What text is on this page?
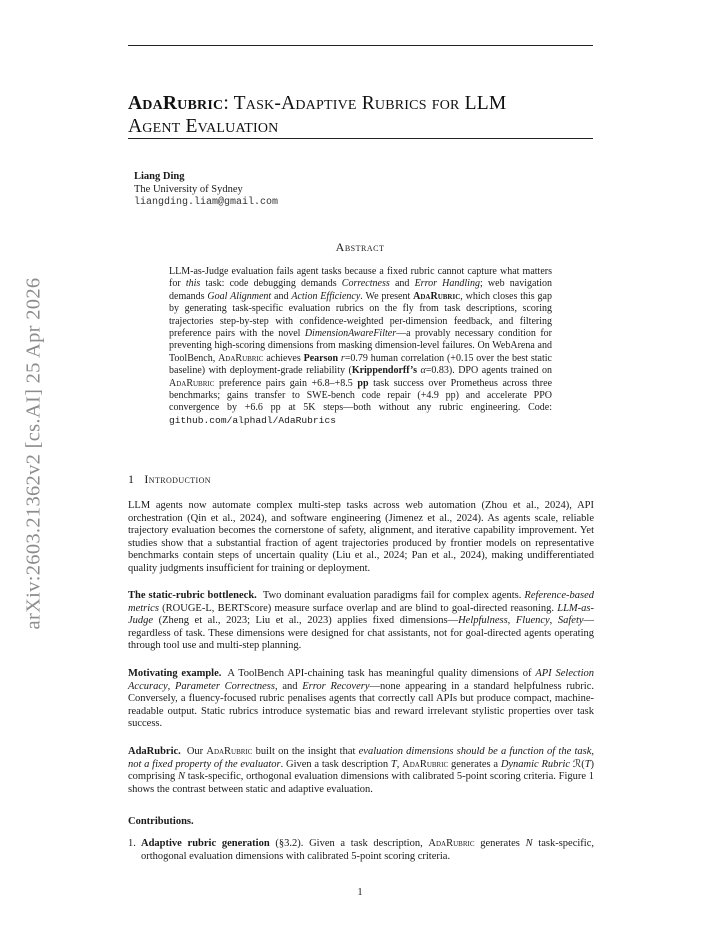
arXiv:2603.21362v2 [cs.AI] 25 Apr 2026
AdaRubric: Task-Adaptive Rubrics for LLM
Agent Evaluation
Liang Ding
The University of Sydney
liangding.liam@gmail.com
Abstract
LLM-as-Judge evaluation fails agent tasks because a fixed rubric cannot capture what matters for this task: code debugging demands Correctness and Error Handling; web navigation demands Goal Alignment and Action Efficiency. We present AdaRubric, which closes this gap by generating task-specific evaluation rubrics on the fly from task descriptions, scoring trajectories step-by-step with confidence-weighted per-dimension feedback, and filtering preference pairs with the novel DimensionAwareFilter—a provably necessary condition for preventing high-scoring dimensions from masking dimension-level failures. On WebArena and ToolBench, AdaRubric achieves Pearson r=0.79 human correlation (+0.15 over the best static baseline) with deployment-grade reliability (Krippendorff’s α=0.83). DPO agents trained on AdaRubric preference pairs gain +6.8–+8.5 pp task success over Prometheus across three benchmarks; gains transfer to SWE-bench code repair (+4.9 pp) and accelerate PPO convergence by +6.6 pp at 5K steps—both without any rubric engineering. Code: github.com/alphadl/AdaRubrics
1 Introduction

LLM agents now automate complex multi-step tasks across web automation (Zhou et al., 2024), API orchestration (Qin et al., 2024), and software engineering (Jimenez et al., 2024). As agents scale, reliable trajectory evaluation becomes the cornerstone of safety, alignment, and iterative capability improvement. Yet studies show that a substantial fraction of agent trajectories produced by frontier models on representative benchmarks contain steps of uncertain quality (Liu et al., 2024; Pan et al., 2024), making undifferentiated quality judgments insufficient for training or deployment.

The static-rubric bottleneck. Two dominant evaluation paradigms fail for complex agents. Reference-based metrics (ROUGE-L, BERTScore) measure surface overlap and are blind to goal-directed reasoning. LLM-as-Judge (Zheng et al., 2023; Liu et al., 2023) applies fixed dimensions—Helpfulness, Fluency, Safety—regardless of task. These dimensions were designed for chat assistants, not for goal-directed agents operating through tool use and multi-step planning.

Motivating example. A ToolBench API-chaining task has meaningful quality dimensions of API Selection Accuracy, Parameter Correctness, and Error Recovery—none appearing in a standard helpfulness rubric. Conversely, a fluency-focused rubric penalises agents that correctly call APIs but produce compact, machine-readable output. Static rubrics introduce systematic bias and reward irrelevant stylistic properties over task success.

AdaRubric. Our AdaRubric built on the insight that evaluation dimensions should be a function of the task, not a fixed property of the evaluator. Given a task description T, AdaRubric generates a Dynamic Rubric ℛ(T) comprising N task-specific, orthogonal evaluation dimensions with calibrated 5-point scoring criteria. Figure 1 shows the contrast between static and adaptive evaluation.

Contributions.
1. Adaptive rubric generation (§3.2). Given a task description, AdaRubric generates N task-specific, orthogonal evaluation dimensions with calibrated 5-point scoring criteria.
1
